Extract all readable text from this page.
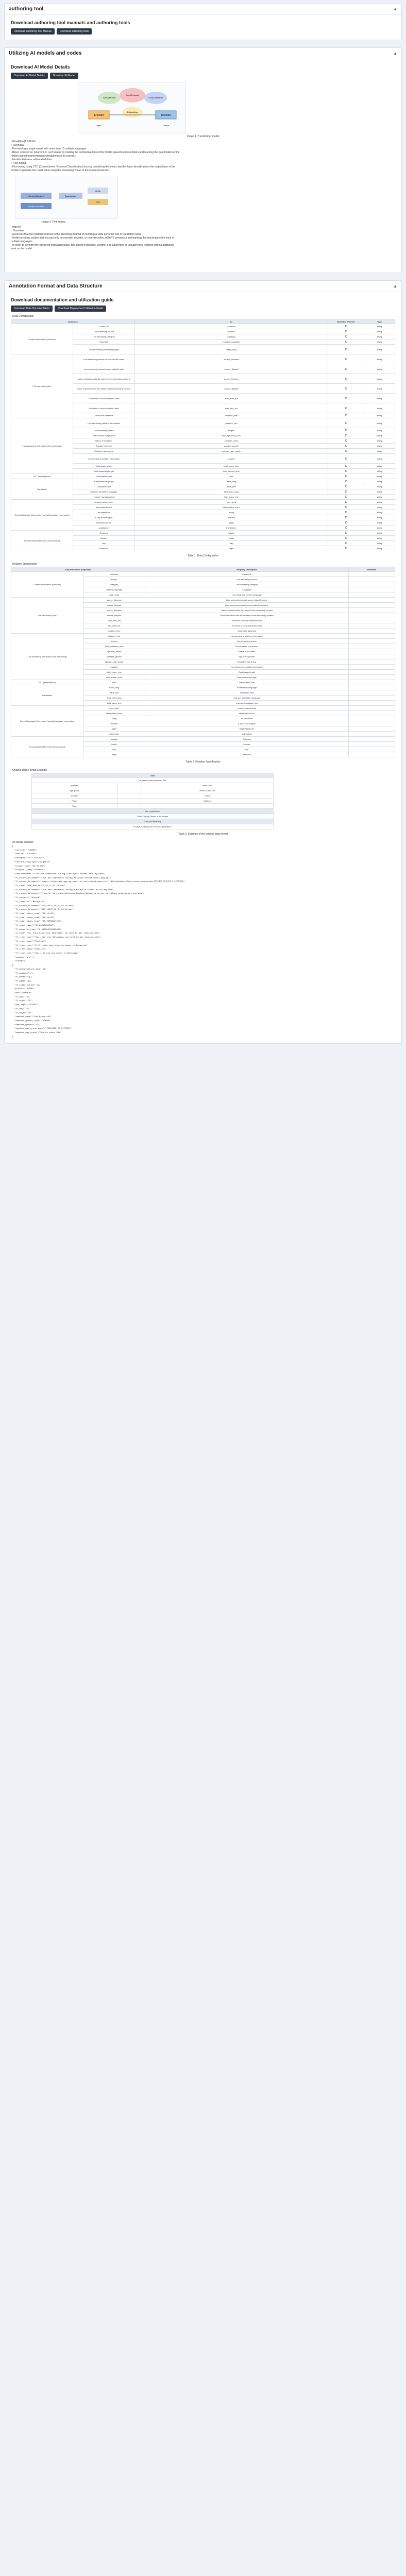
authoring tool	▲
Download authoring tool manuals and authoring tools
Download authoring Tool Manual	Download authoring tools
Utilizing AI models and codes	▲
Download AI Model Details
Download AI Model Details	Download AI Model
Encoder	Decoder
Input	Output
Self-Attention
Feed Forward
Cross-Attention
Embedding
Image 1. Transformer model
- Gina(Gina)1.0 BLEU
○ Overview
- Pre-training a single model with more than 10 multiple languages
- BLEU is based on (source:1.0, Ja:3 tokens by rotating the contrastive task of the hidden speech representation and learning the quantization of the
hidden speech representation simultaneously to correct.)
- Models that were self-labeled data
○ Fine-tuning
- Fine-tuning using CTC (Connectionist Temporal Classification) loss by combining the linear classifier layer directly above the output layer of the
model to generate the result value using the presenting vocab of the answer/some text
Feature Encoder
Context Network	Quantization
Linear
CTC
Image 2. Fine-tuning
- mBART
○ Overview
- A process that the model pretrained in the denoising method of multilingual data performs well in translation tasks
- Unlike previous studies that focused only on encoder, decoder, or reconstruction, mBART presents a methodology for denoising entire texts in
multiple languages.
- In order to perform fine-tuning for translation tasks, fine-tuning is possible, whether it is supervised or unsupervised learning without additional
work on the model
Annotation Format and Data Structure	▲
Download documentation and utilization guide
Download Data Documentation	Download Deployment Utilization Guide
- Data Configuration
Attributes		ID	Essential Whether	Type
Content information (contents)	Content ID	contents		string
	Live-streaming source	source		string
	Live-streaming category	category		string
	Copyright	content_copyright		string
	Live-streaming content language	origin_lang		string
File information (file)	Live-streaming content source data file name	source_filename		string
	Live-streaming content source data file path	source_filepath		string
	Voice extraction data file name for live-streaming content	source_filename		string
	Voice extraction data file address of live-streaming content	source_filepath		string
	Start time of voice extraction data	start_time_ext		string
	End time of voice extraction data	end_time_ext		string
	Total voice data time	duration_time		string
Live-streaming information (live-streaming)	Live-streaming platform information	platform_info		string
	Live-streaming theme	subject		string
	Total number of speakers	total_speakers_num		string
	Name of the talker	speaker_name		string
	Speaker's gender	speaker_gender		string
	Speaker's age group	speaker_age_group		string
	Live-streaming location information	location		string
	Total image length	total_video_time		string
	Total streaming length	total_stream_time		string
STT (transcription)	Transcription Text	text		string
Translation	a translated language	trans_lang		string
	Translated Text	trans_text		string
	reviewer translation language	fluid_trans_lang		string
	reviewer translation text	fluid_trans_text		string
Special language Expression (special language expression)	a newly coined word	new_word		string
	abbreviated word	abbreviated_word		string
	an epithet for	slang		string
	a slip of the tongue	mistake		string
	Rephrase/Ad-lib	again		string
	a glottalism	interjection		string
Environmental Elements (environment)	Outdoors	outside		string
	Indoors	inside		string
	day	day		string
	afternoon	night		string
Table 1. Data Configuration
- Relation Specification
Key annotation properties		Property Description	Remarks
Content information (contents)	contents	Content ID	
	source	Live-streaming source	
	category	Live-streaming category	
	content_copyright	Copyright	
	origin_lang	Live-streaming content language	
File information (file)	source_filename	Live-streaming content source data file name	
	source_filepath	Live-streaming content source data file address	
	source_filename	Voice extraction data file name for live-streaming content	
	source_filepath	Voice extraction data file address of live-streaming content	
	start_time_ext	Start time of voice extraction data	
	end_time_ext	End time of voice extraction data	
	duration_time	Total voice data time	
Live-streaming information (live-streaming)	platform_info	Live-streaming platform information	
	subject	Live-streaming theme	
	total_speakers_num	Total number of speakers	
	speaker_name	Name of the talker	
	speaker_gender	Speaker's gender	
	speaker_age_group	Speaker's age group	
	location	Live-streaming location information	
	total_video_time	Total image length	
	total_stream_time	Total streaming length	
STT (transcription)	text	Transcription Text	
Translation	trans_lang	a translated language	
	trans_text	Translated Text	
	fluid_trans_lang	reviewer translation language	
	fluid_trans_text	reviewer translation text	
Special language Expression (special language expression)	new_word	a newly coined word	
	abbreviated_word	abbreviated word	
	slang	an epithet for	
	mistake	a slip of the tongue	
	again	Rephrase/Ad-lib	
	interjection	a glottalism	
Environmental Elements (environment)	outside	Outdoors	
	inside	Indoors	
	day	day	
	night	afternoon	
Table 2. Relation Specification
- Original Data Format Example
Title		
Ko_Data Communication: 'AD'		
speaker		Janet Tvers
age group		Under 18 and 20s
Gender		F/Not
Place		Outdoor
Time		
Bio original text		
Okay, Playing Drawn in the Shape		
After proofreading		
Hi high, Koay Room of the old generation		
Table 3. Example of the original data format
- an actual example
{
"contents":"19003",
"source":"YOUTUBE",
"category":"TTT_fun_ool",
"content_copyright":"BigZero",
"origin_lang":"KO_TT_DB",
"original_lang":"Korean",
"contentsName":"Live and Leeherein During a Malaysia street walking show",
"fl_source_filename":"Live and leeherein during Malaysia street multilang.mp4",
"fl_source_filepath":"https://objectstorage.ap-seoul-1.oraclecloud.com/n/cnlfr9f/b/media/o/live-resource/youtube/방송제목_한국어말투크리에이터",
"fl_text":"KOR_MFN_19275_20_TL_02.10.wav",
"fl_source_filename":"Live and Leeherein During a Malaysia street multilang.mp4",
"fl_source_filepath":"Traveler_in_contentsEstream_English/Malaysia street multilang_getting hot and dam",
"fl_subject":"Street",
"fl_location":"Malaysia",
"fl_source_filename":"KOR_10275_20_TL_02.10.wav",
"fl_source_filepath":"KOR_10275_20_TL_02.10.wav",
"fl_total_stars_time":"00:10:26",
"fl_total_video_time":"01:10:00",
"fl_total_video_time":"00:TERMINATION",
"fl_start_time":"00:00000230760",
"fl_duration_time":"0.000000700000000",
"fl_text":"Hi, this tray late malaysian, we need to get them quickly",
"fl_trans_text":"Hi, this tray Malaysian, we need to get them quickly",
"fl_trans_lang":"English",
"fl_trans_text":"It'll take how, need to leave to Malaysia",
"fl_trans_lang":"English",
"fl_trans_text":"Hi, I'ds new now hurry to Malaysia",
"speaker_font":[
"slang":[]
],
"fl_abbreviation_word":[],
"fl_mistake":[],
"fl_number":[],
"fl_again":[],
"fl_interjection":[],
"place":"INDOOR",
"env":"INDOOR",
"fl_day":"1",
"fl_night":"0",
"day_night":"NIGHT",
"fl_day":"1",
"fl_night":"0",
"speaker_name":"Lee Kyung-sik",
"speaker_gender_type":"WOMAN",
"speaker_gender":"F",
"speaker_age_group_type":"THIRTIES_TO_FIFTIES",
"speaker_age_group":"30s to under 50s"
}
